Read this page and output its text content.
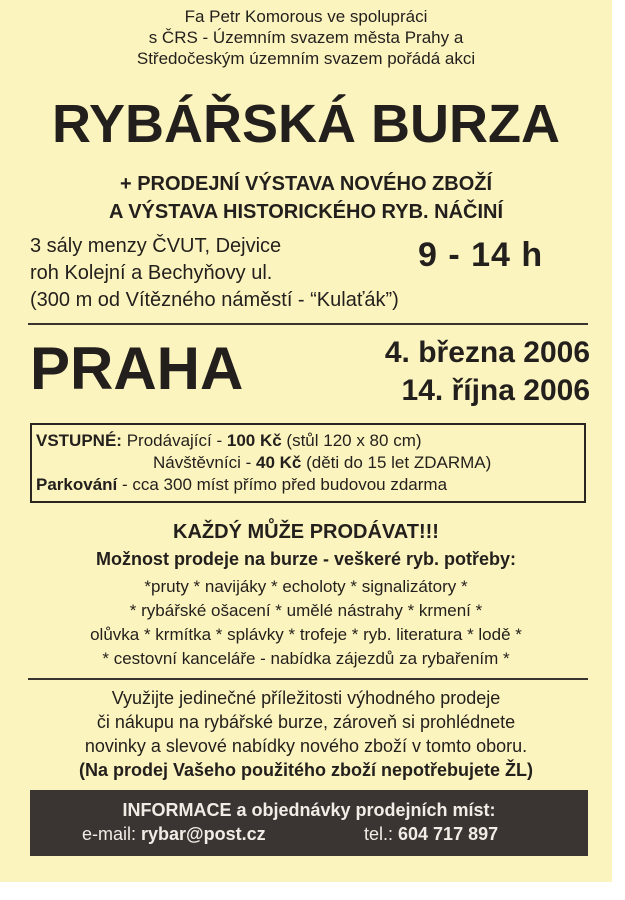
Fa Petr Komorous ve spolupráci
s ČRS - Územním svazem města Prahy a
Středočeským územním svazem pořádá akci
RYBÁŘSKÁ BURZA
+ PRODEJNÍ VÝSTAVA NOVÉHO ZBOŽÍ
A VÝSTAVA HISTORICKÉHO RYB. NÁČINÍ
3 sály menzy ČVUT, Dejvice
roh Kolejní a Bechyňovy ul.
(300 m od Vítězného náměstí - “Kulaťák”)
9 - 14 h
PRAHA	4. března 2006
14. října 2006
VSTUPNÉ: Prodávající - 100 Kč (stůl 120 x 80 cm)
Návštěvníci - 40 Kč (děti do 15 let ZDARMA)
Parkování - cca 300 míst přímo před budovou zdarma
KAŽDÝ MŮŽE PRODÁVAT!!!
Možnost prodeje na burze - veškeré ryb. potřeby:
*pruty * navijáky * echoloty * signalizátory *
* rybářské ošacení * umělé nástrahy * krmení *
olůvka * krmítka * splávky * trofeje * ryb. literatura * lodě *
* cestovní kanceláře - nabídka zájezdů za rybařením *
Využijte jedinečné příležitosti výhodného prodeje
či nákupu na rybářské burze, zároveň si prohlédnete
novinky a slevové nabídky nového zboží v tomto oboru.
(Na prodej Vašeho použitého zboží nepotřebujete ŽL)
INFORMACE a objednávky prodejních míst:
e-mail: rybar@post.cz	tel.: 604 717 897
